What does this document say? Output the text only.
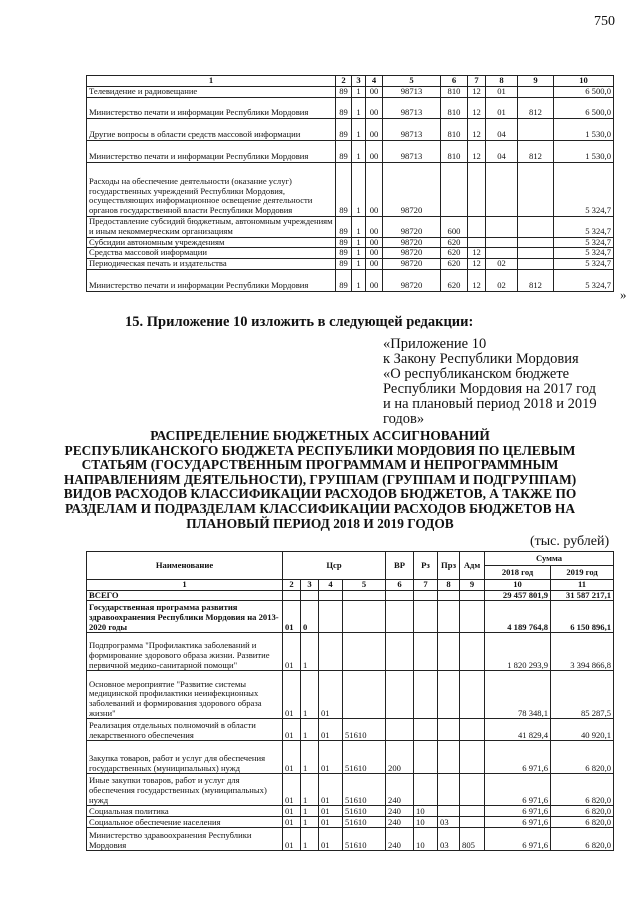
750
1	2	3	4	5	6	7	8	9	10
Телевидение и радиовещание	89	1	00	98713	810	12	01		6 500,0
Министерство печати и информации Республики Мордовия	89	1	00	98713	810	12	01	812	6 500,0
Другие вопросы в области средств массовой информации	89	1	00	98713	810	12	04		1 530,0
Министерство печати и информации Республики Мордовия	89	1	00	98713	810	12	04	812	1 530,0
Расходы на обеспечение деятельности (оказание услуг) государственных учреждений Республики Мордовия, осуществляющих информационное освещение деятельности органов государственной власти Республики Мордовия	89	1	00	98720					5 324,7
Предоставление субсидий бюджетным, автономным учреждениям и иным некоммерческим организациям	89	1	00	98720	600				5 324,7
Субсидии автономным учреждениям	89	1	00	98720	620				5 324,7
Средства массовой информации	89	1	00	98720	620	12			5 324,7
Периодическая печать и издательства	89	1	00	98720	620	12	02		5 324,7
Министерство печати и информации Республики Мордовия	89	1	00	98720	620	12	02	812	5 324,7
»
15. Приложение 10 изложить в следующей редакции:
«Приложение 10
к Закону Республики Мордовия
«О республиканском бюджете
Республики Мордовия на 2017 год
и на плановый период 2018 и 2019
годов»
РАСПРЕДЕЛЕНИЕ БЮДЖЕТНЫХ АССИГНОВАНИЙ
РЕСПУБЛИКАНСКОГО БЮДЖЕТА РЕСПУБЛИКИ МОРДОВИЯ ПО ЦЕЛЕВЫМ
СТАТЬЯМ (ГОСУДАРСТВЕННЫМ ПРОГРАММАМ И НЕПРОГРАММНЫМ
НАПРАВЛЕНИЯМ ДЕЯТЕЛЬНОСТИ), ГРУППАМ (ГРУППАМ И ПОДГРУППАМ)
ВИДОВ РАСХОДОВ КЛАССИФИКАЦИИ РАСХОДОВ БЮДЖЕТОВ, А ТАКЖЕ ПО
РАЗДЕЛАМ И ПОДРАЗДЕЛАМ КЛАССИФИКАЦИИ РАСХОДОВ БЮДЖЕТОВ НА
ПЛАНОВЫЙ ПЕРИОД 2018 И 2019 ГОДОВ
(тыс. рублей)
Наименование	Цср				ВР	Рз	Прз	Адм	Сумма	
									2018 год	2019 год
1	2	3	4	5	6	7	8	9	10	11
ВСЕГО									29 457 801,9	31 587 217,1
Государственная программа развития здравоохранения Республики Мордовия на 2013-2020 годы	01	0							4 189 764,8	6 150 896,1
Подпрограмма "Профилактика заболеваний и формирование здорового образа жизни. Развитие первичной медико-санитарной помощи"	01	1							1 820 293,9	3 394 866,8
Основное мероприятие "Развитие системы медицинской профилактики неинфекционных заболеваний и формирования здорового образа жизни"	01	1	01						78 348,1	85 287,5
Реализация отдельных полномочий в области лекарственного обеспечения	01	1	01	51610					41 829,4	40 920,1
Закупка товаров, работ и услуг для обеспечения государственных (муниципальных) нужд	01	1	01	51610	200				6 971,6	6 820,0
Иные закупки товаров, работ и услуг для обеспечения государственных (муниципальных) нужд	01	1	01	51610	240				6 971,6	6 820,0
Социальная политика	01	1	01	51610	240	10			6 971,6	6 820,0
Социальное обеспечение населения	01	1	01	51610	240	10	03		6 971,6	6 820,0
Министерство здравоохранения Республики Мордовия	01	1	01	51610	240	10	03	805	6 971,6	6 820,0
